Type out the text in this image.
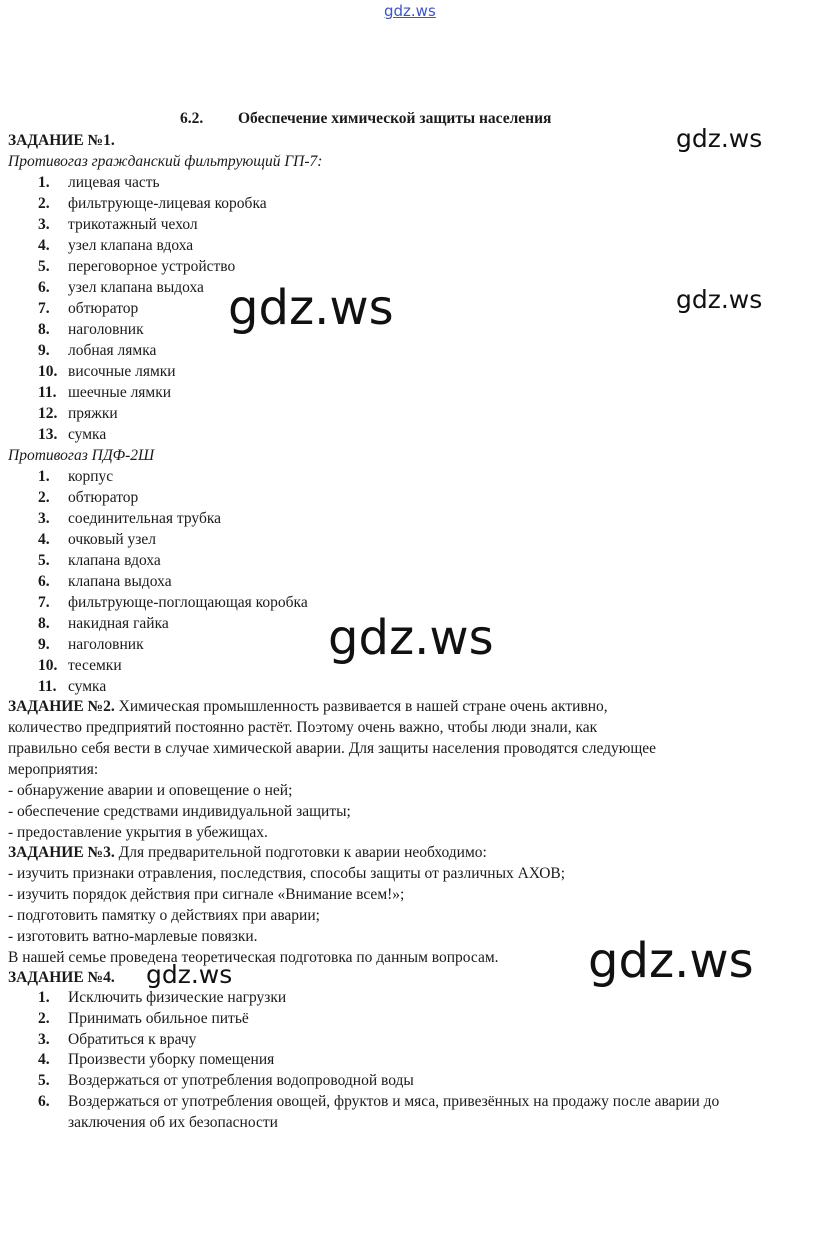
gdz.ws
gdz.ws
gdz.ws
gdz.ws
gdz.ws
gdz.ws
gdz.ws
6.2. Обеспечение химической защиты населения
ЗАДАНИЕ №1.
Противогаз гражданский фильтрующий ГП-7:
1. лицевая часть
2. фильтрующе-лицевая коробка
3. трикотажный чехол
4. узел клапана вдоха
5. переговорное устройство
6. узел клапана выдоха
7. обтюратор
8. наголовник
9. лобная лямка
10. височные лямки
11. шеечные лямки
12. пряжки
13. сумка
Противогаз ПДФ-2Ш
1. корпус
2. обтюратор
3. соединительная трубка
4. очковый узел
5. клапана вдоха
6. клапана выдоха
7. фильтрующе-поглощающая коробка
8. накидная гайка
9. наголовник
10. тесемки
11. сумка
ЗАДАНИЕ №2. Химическая промышленность развивается в нашей стране очень активно,
количество предприятий постоянно растёт. Поэтому очень важно, чтобы люди знали, как
правильно себя вести в случае химической аварии. Для защиты населения проводятся следующее
мероприятия:
- обнаружение аварии и оповещение о ней;
- обеспечение средствами индивидуальной защиты;
- предоставление укрытия в убежищах.
ЗАДАНИЕ №3. Для предварительной подготовки к аварии необходимо:
- изучить признаки отравления, последствия, способы защиты от различных АХОВ;
- изучить порядок действия при сигнале «Внимание всем!»;
- подготовить памятку о действиях при аварии;
- изготовить ватно-марлевые повязки.
В нашей семье проведена теоретическая подготовка по данным вопросам.
ЗАДАНИЕ №4.
1.	Исключить физические нагрузки
2.	Принимать обильное питьё
3.	Обратиться к врачу
4.	Произвести уборку помещения
5.	Воздержаться от употребления водопроводной воды
6.	Воздержаться от употребления овощей, фруктов и мяса, привезённых на продажу после аварии до заключения об их безопасности
